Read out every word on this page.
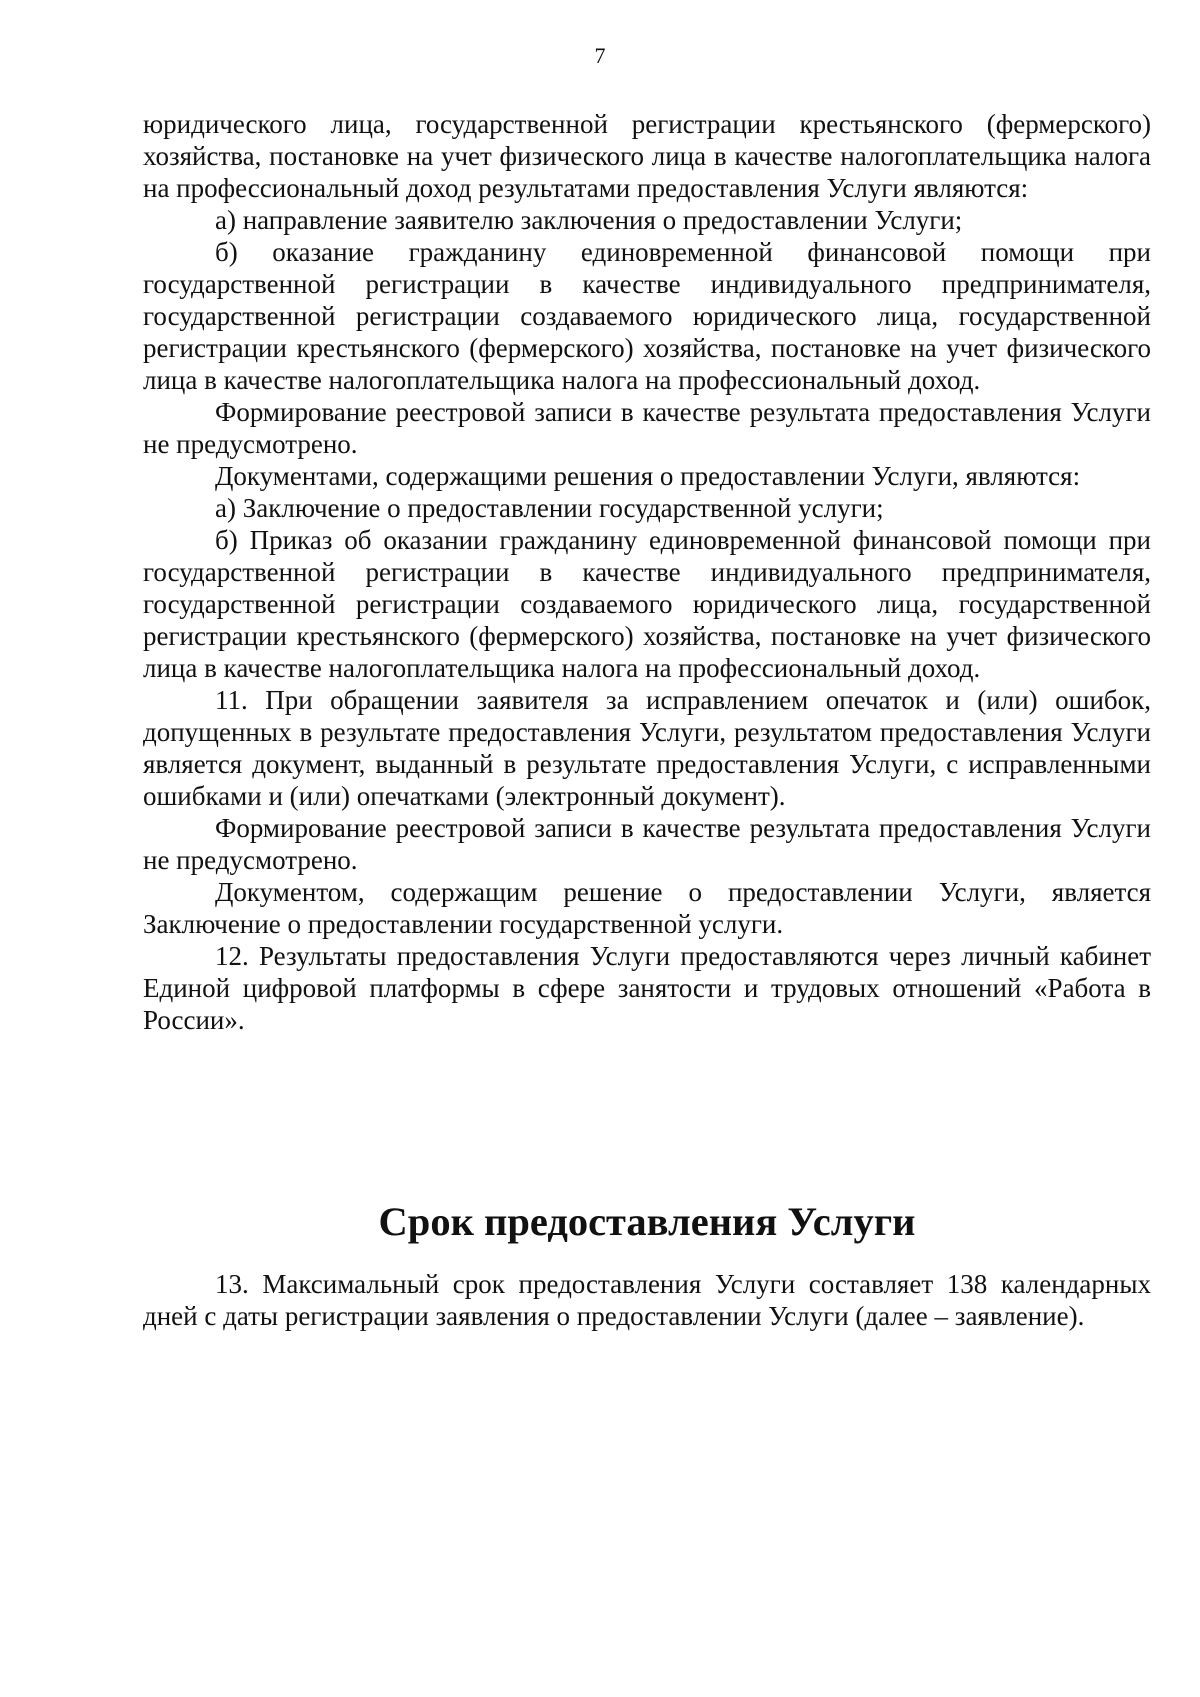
7

юридического лица, государственной регистрации крестьянского (фермерского) хозяйства, постановке на учет физического лица в качестве налогоплательщика налога на профессиональный доход результатами предоставления Услуги являются:

а) направление заявителю заключения о предоставлении Услуги;

б) оказание гражданину единовременной финансовой помощи при государственной регистрации в качестве индивидуального предпринимателя, государственной регистрации создаваемого юридического лица, государственной регистрации крестьянского (фермерского) хозяйства, постановке на учет физического лица в качестве налогоплательщика налога на профессиональный доход.

Формирование реестровой записи в качестве результата предоставления Услуги не предусмотрено.

Документами, содержащими решения о предоставлении Услуги, являются:

а) Заключение о предоставлении государственной услуги;

б) Приказ об оказании гражданину единовременной финансовой помощи при государственной регистрации в качестве индивидуального предпринимателя, государственной регистрации создаваемого юридического лица, государственной регистрации крестьянского (фермерского) хозяйства, постановке на учет физического лица в качестве налогоплательщика налога на профессиональный доход.

11. При обращении заявителя за исправлением опечаток и (или) ошибок, допущенных в результате предоставления Услуги, результатом предоставления Услуги является документ, выданный в результате предоставления Услуги, с исправленными ошибками и (или) опечатками (электронный документ).

Формирование реестровой записи в качестве результата предоставления Услуги не предусмотрено.

Документом, содержащим решение о предоставлении Услуги, является Заключение о предоставлении государственной услуги.

12. Результаты предоставления Услуги предоставляются через личный кабинет Единой цифровой платформы в сфере занятости и трудовых отношений «Работа в России».

Срок предоставления Услуги

13. Максимальный срок предоставления Услуги составляет 138 календарных дней с даты регистрации заявления о предоставлении Услуги (далее – заявление).
